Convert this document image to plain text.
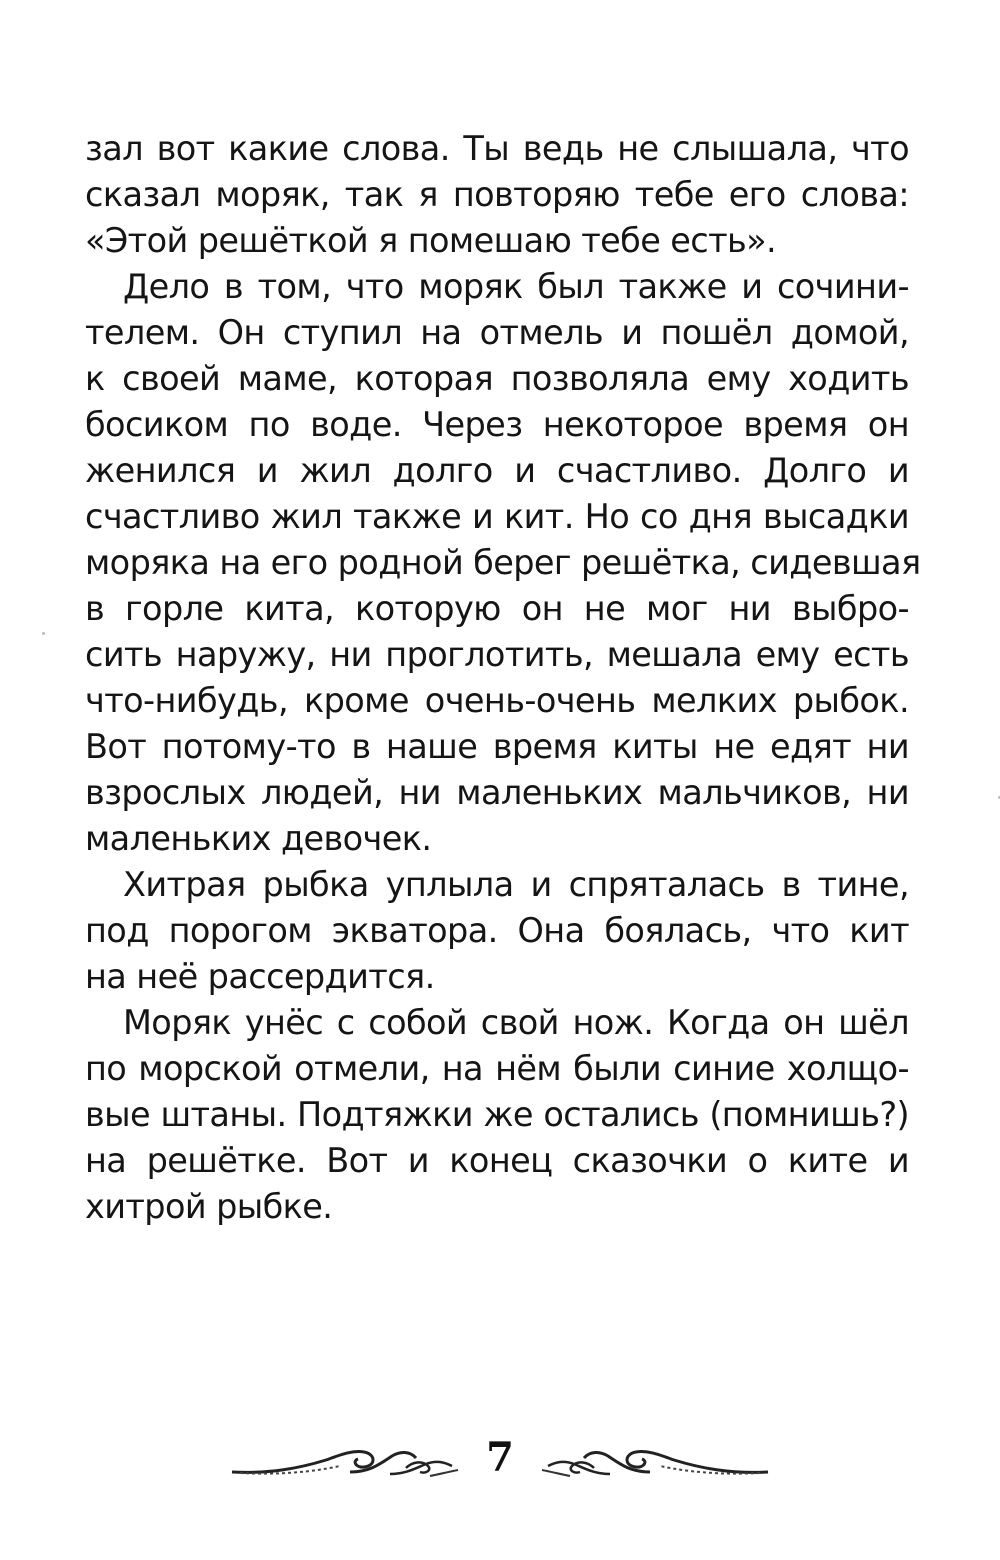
зал вот какие слова. Ты ведь не слышала, что
сказал моряк, так я повторяю тебе его слова:
«Этой решёткой я помешаю тебе есть».
Дело в том, что моряк был также и сочини-
телем. Он ступил на отмель и пошёл домой,
к своей маме, которая позволяла ему ходить
босиком по воде. Через некоторое время он
женился и жил долго и счастливо. Долго и
счастливо жил также и кит. Но со дня высадки
моряка на его родной берег решётка, сидевшая
в горле кита, которую он не мог ни выбро-
сить наружу, ни проглотить, мешала ему есть
что-нибудь, кроме очень-очень мелких рыбок.
Вот потому-то в наше время киты не едят ни
взрослых людей, ни маленьких мальчиков, ни
маленьких девочек.
Хитрая рыбка уплыла и спряталась в тине,
под порогом экватора. Она боялась, что кит
на неё рассердится.
Моряк унёс с собой свой нож. Когда он шёл
по морской отмели, на нём были синие холщо-
вые штаны. Подтяжки же остались (помнишь?)
на решётке. Вот и конец сказочки о ките и
хитрой рыбке.
7
